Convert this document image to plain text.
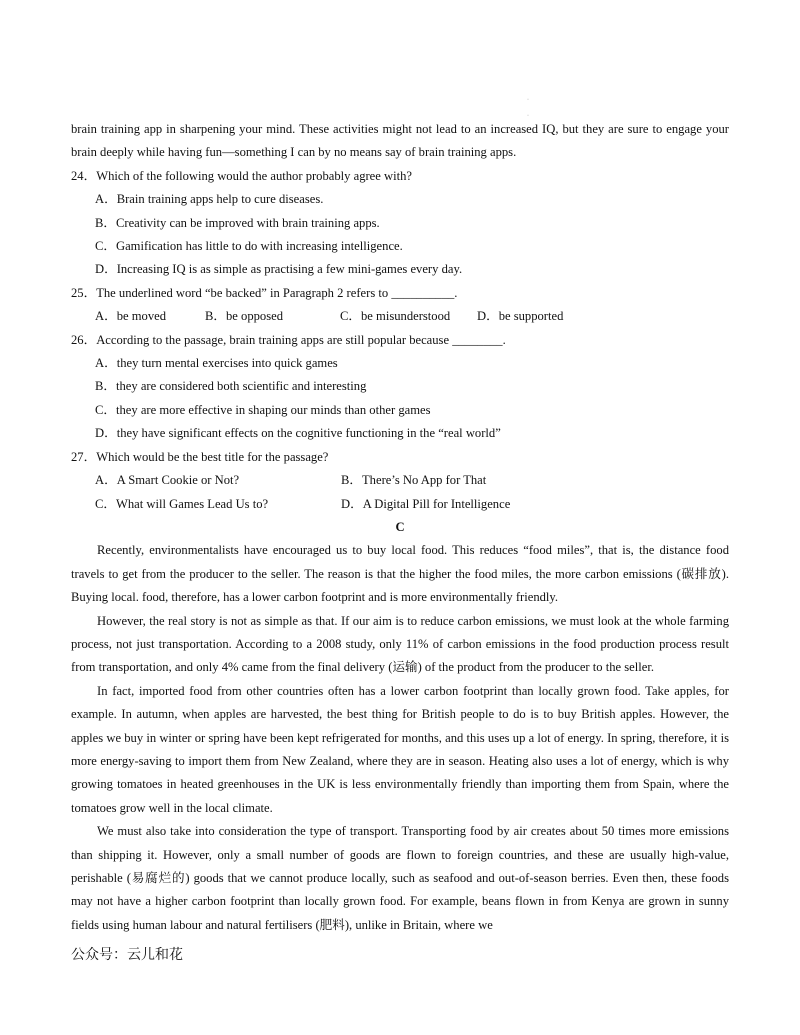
·
·

brain training app in sharpening your mind. These activities might not lead to an increased IQ, but they are sure to engage your brain deeply while having fun—something I can by no means say of brain training apps.

24．Which of the following would the author probably agree with?

A．Brain training apps help to cure diseases.

B．Creativity can be improved with brain training apps.

C．Gamification has little to do with increasing intelligence.

D．Increasing IQ is as simple as practising a few mini-games every day.

25．The underlined word “be backed” in Paragraph 2 refers to __________.

A．be moved	B．be opposed	C．be misunderstood	D．be supported

26．According to the passage, brain training apps are still popular because ________.

A．they turn mental exercises into quick games

B．they are considered both scientific and interesting

C．they are more effective in shaping our minds than other games

D．they have significant effects on the cognitive functioning in the “real world”

27．Which would be the best title for the passage?

A．A Smart Cookie or Not?	B．There’s No App for That
C．What will Games Lead Us to?	D．A Digital Pill for Intelligence

C

Recently, environmentalists have encouraged us to buy local food. This reduces “food miles”, that is, the distance food travels to get from the producer to the seller. The reason is that the higher the food miles, the more carbon emissions (碳排放). Buying local. food, therefore, has a lower carbon footprint and is more environmentally friendly.

However, the real story is not as simple as that. If our aim is to reduce carbon emissions, we must look at the whole farming process, not just transportation. According to a 2008 study, only 11% of carbon emissions in the food production process result from transportation, and only 4% came from the final delivery (运输) of the product from the producer to the seller.

In fact, imported food from other countries often has a lower carbon footprint than locally grown food. Take apples, for example. In autumn, when apples are harvested, the best thing for British people to do is to buy British apples. However, the apples we buy in winter or spring have been kept refrigerated for months, and this uses up a lot of energy. In spring, therefore, it is more energy-saving to import them from New Zealand, where they are in season. Heating also uses a lot of energy, which is why growing tomatoes in heated greenhouses in the UK is less environmentally friendly than importing them from Spain, where the tomatoes grow well in the local climate.

We must also take into consideration the type of transport. Transporting food by air creates about 50 times more emissions than shipping it. However, only a small number of goods are flown to foreign countries, and these are usually high-value, perishable (易腐烂的) goods that we cannot produce locally, such as seafood and out-of-season berries. Even then, these foods may not have a higher carbon footprint than locally grown food. For example, beans flown in from Kenya are grown in sunny fields using human labour and natural fertilisers (肥料), unlike in Britain, where we

公众号：云儿和花
